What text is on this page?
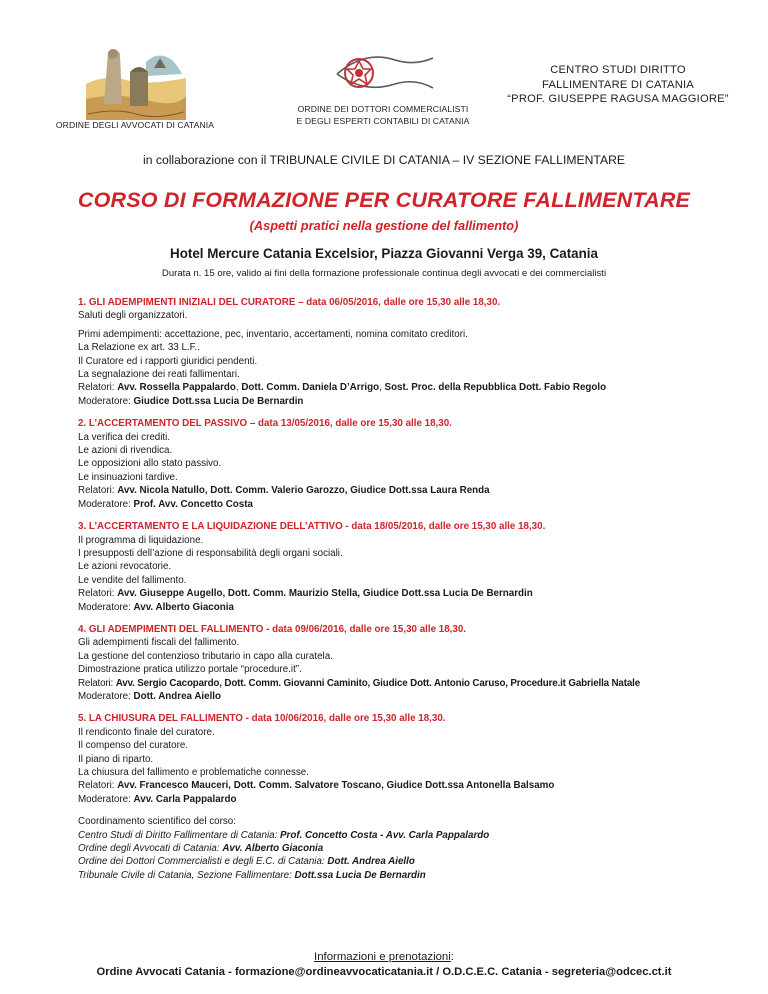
ORDINE DEGLI AVVOCATI DI CATANIA
ORDINE DEI DOTTORI COMMERCIALISTI
E DEGLI ESPERTI CONTABILI DI CATANIA
CENTRO STUDI DIRITTO
FALLIMENTARE DI CATANIA
“PROF. GIUSEPPE RAGUSA MAGGIORE”
in collaborazione con il TRIBUNALE CIVILE DI CATANIA – IV SEZIONE FALLIMENTARE
CORSO DI FORMAZIONE PER CURATORE FALLIMENTARE
(Aspetti pratici nella gestione del fallimento)
Hotel Mercure Catania Excelsior, Piazza Giovanni Verga 39, Catania
Durata n. 15 ore, valido ai fini della formazione professionale continua degli avvocati e dei commercialisti
1. GLI ADEMPIMENTI INIZIALI DEL CURATORE – data 06/05/2016, dalle ore 15,30 alle 18,30.
Saluti degli organizzatori.
Primi adempimenti: accettazione, pec, inventario, accertamenti, nomina comitato creditori.
La Relazione ex art. 33 L.F..
Il Curatore ed i rapporti giuridici pendenti.
La segnalazione dei reati fallimentari.
Relatori: Avv. Rossella Pappalardo, Dott. Comm. Daniela D’Arrigo, Sost. Proc. della Repubblica Dott. Fabio Regolo
Moderatore: Giudice Dott.ssa Lucia De Bernardin
2. L’ACCERTAMENTO DEL PASSIVO – data 13/05/2016, dalle ore 15,30 alle 18,30.
La verifica dei crediti.
Le azioni di rivendica.
Le opposizioni allo stato passivo.
Le insinuazioni tardive.
Relatori: Avv. Nicola Natullo, Dott. Comm. Valerio Garozzo, Giudice Dott.ssa Laura Renda
Moderatore: Prof. Avv. Concetto Costa
3. L’ACCERTAMENTO E LA LIQUIDAZIONE DELL’ATTIVO - data 18/05/2016, dalle ore 15,30 alle 18,30.
Il programma di liquidazione.
I presupposti dell’azione di responsabilità degli organi sociali.
Le azioni revocatorie.
Le vendite del fallimento.
Relatori: Avv. Giuseppe Augello, Dott. Comm. Maurizio Stella, Giudice Dott.ssa Lucia De Bernardin
Moderatore: Avv. Alberto Giaconia
4. GLI ADEMPIMENTI DEL FALLIMENTO - data 09/06/2016, dalle ore 15,30 alle 18,30.
Gli adempimenti fiscali del fallimento.
La gestione del contenzioso tributario in capo alla curatela.
Dimostrazione pratica utilizzo portale “procedure.it”.
Relatori: Avv. Sergio Cacopardo, Dott. Comm. Giovanni Caminito, Giudice Dott. Antonio Caruso, Procedure.it Gabriella Natale
Moderatore: Dott. Andrea Aiello
5. LA CHIUSURA DEL FALLIMENTO - data 10/06/2016, dalle ore 15,30 alle 18,30.
Il rendiconto finale del curatore.
Il compenso del curatore.
Il piano di riparto.
La chiusura del fallimento e problematiche connesse.
Relatori: Avv. Francesco Mauceri, Dott. Comm. Salvatore Toscano, Giudice Dott.ssa Antonella Balsamo
Moderatore: Avv. Carla Pappalardo
Coordinamento scientifico del corso:
Centro Studi di Diritto Fallimentare di Catania: Prof. Concetto Costa - Avv. Carla Pappalardo
Ordine degli Avvocati di Catania: Avv. Alberto Giaconia
Ordine dei Dottori Commercialisti e degli E.C. di Catania: Dott. Andrea Aiello
Tribunale Civile di Catania, Sezione Fallimentare: Dott.ssa Lucia De Bernardin
Informazioni e prenotazioni:
Ordine Avvocati Catania - formazione@ordineavvocaticatania.it / O.D.C.E.C. Catania - segreteria@odcec.ct.it
